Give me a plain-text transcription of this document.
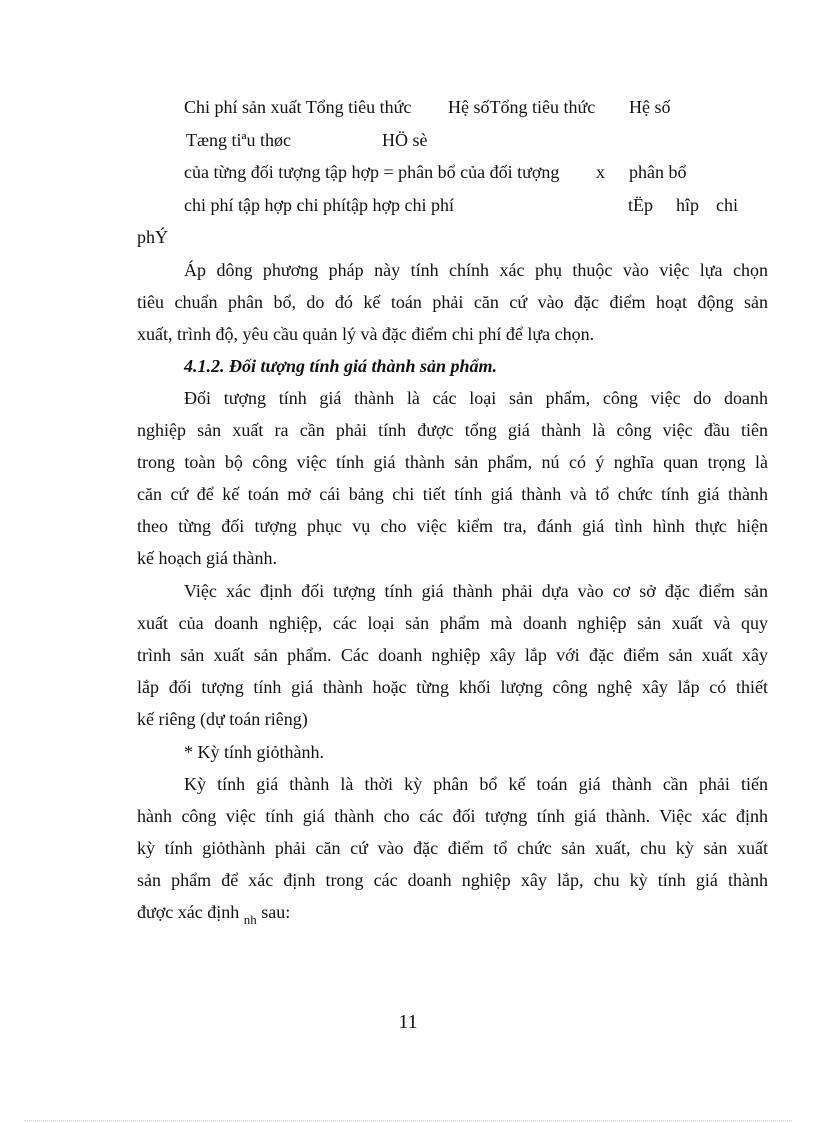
Chi phí sản xuất Tổng tiêu thức Hệ sốTổng tiêu thức Hệ số
Tæng tiªu thøc	HÖ sè
của từng đối tượng tập hợp = phân bổ của đối tượng x phân bổ
chi phí tập hợp chi phítập hợp chi phí	tËp hîp chi
phÝ
Áp dông phương pháp này tính chính xác phụ thuộc vào việc lựa chọn
tiêu chuẩn phân bổ, do đó kế toán phải căn cứ vào đặc điểm hoạt động sản
xuất, trình độ, yêu cầu quản lý và đặc điểm chi phí để lựa chọn.
4.1.2. Đối tượng tính giá thành sản phẩm.
Đối tượng tính giá thành là các loại sản phẩm, công việc do doanh
nghiệp sản xuất ra cần phải tính được tổng giá thành là công việc đầu tiên
trong toàn bộ công việc tính giá thành sản phẩm, nú có ý nghĩa quan trọng là
căn cứ để kế toán mở cái bảng chi tiết tính giá thành và tổ chức tính giá thành
theo từng đối tượng phục vụ cho việc kiểm tra, đánh giá tình hình thực hiện
kế hoạch giá thành.
Việc xác định đối tượng tính giá thành phải dựa vào cơ sở đặc điểm sản
xuất của doanh nghiệp, các loại sản phẩm mà doanh nghiệp sản xuất và quy
trình sản xuất sản phẩm. Các doanh nghiệp xây lắp với đặc điểm sản xuất xây
lắp đối tượng tính giá thành hoặc từng khối lượng công nghệ xây lắp có thiết
kế riêng (dự toán riêng)
* Kỳ tính giỏthành.
Kỳ tính giá thành là thời kỳ phân bổ kế toán giá thành cần phải tiến
hành công việc tính giá thành cho các đối tượng tính giá thành. Việc xác định
kỳ tính giỏthành phải căn cứ vào đặc điểm tổ chức sản xuất, chu kỳ sản xuất
sản phẩm để xác định trong các doanh nghiệp xây lắp, chu kỳ tính giá thành
được xác định $_{nh}$ sau:
11
